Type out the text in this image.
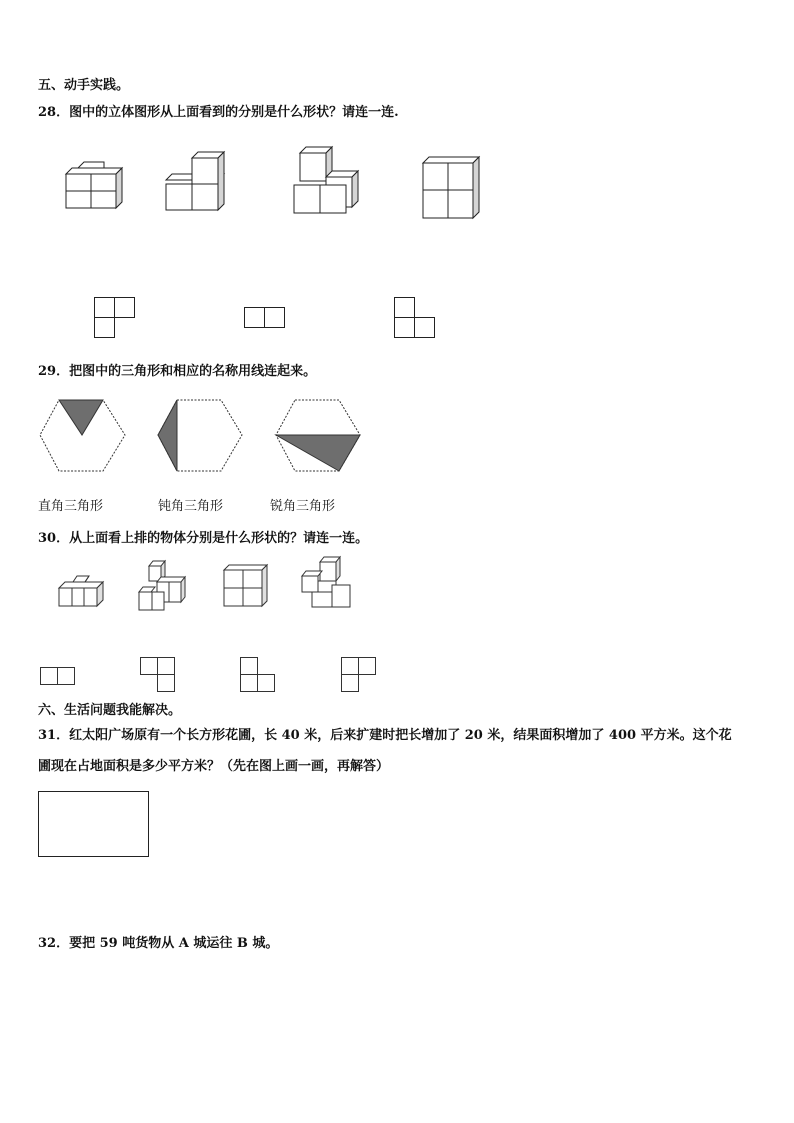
五、动手实践。
28．图中的立体图形从上面看到的分别是什么形状？请连一连.
29．把图中的三角形和相应的名称用线连起来。
直角三角形	钝角三角形	锐角三角形
30．从上面看上排的物体分别是什么形状的？请连一连。
六、生活问题我能解决。
31．红太阳广场原有一个长方形花圃，长 40 米，后来扩建时把长增加了 20 米，结果面积增加了 400 平方米。这个花
圃现在占地面积是多少平方米？（先在图上画一画，再解答）
32．要把 59 吨货物从 A 城运往 B 城。
